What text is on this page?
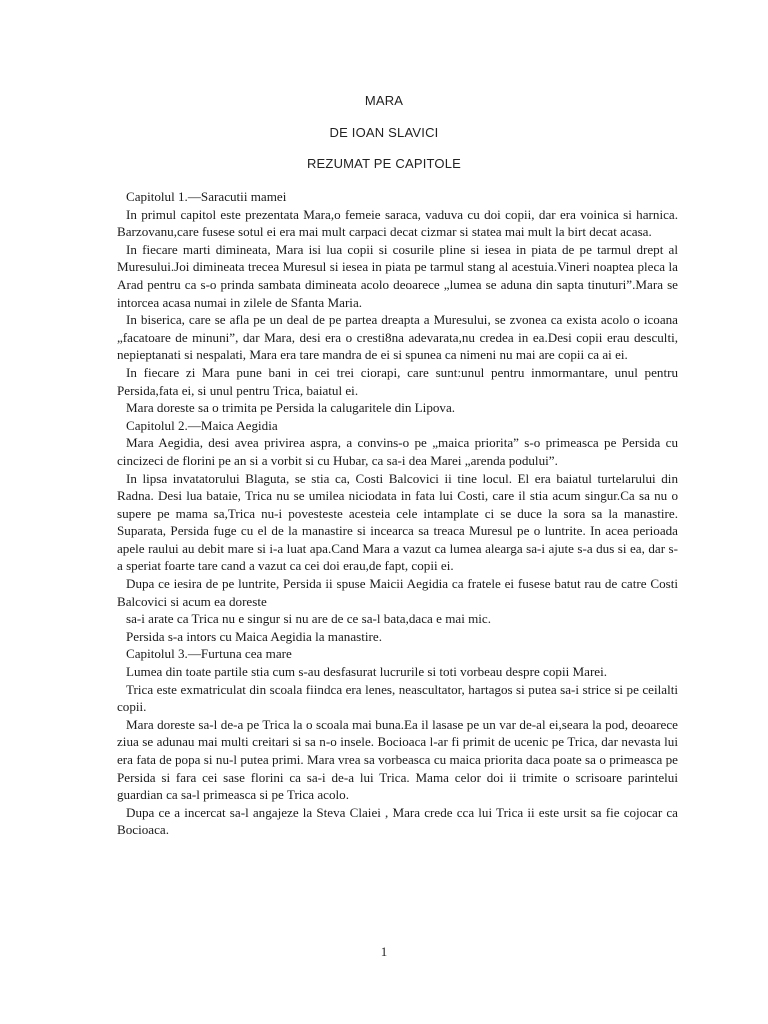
MARA
DE IOAN SLAVICI
REZUMAT PE CAPITOLE

Capitolul 1.—Saracutii mamei

In primul capitol este prezentata Mara,o femeie saraca, vaduva cu doi copii, dar era voinica si harnica. Barzovanu,care fusese sotul ei era mai mult carpaci decat cizmar si statea mai mult la birt decat acasa.

In fiecare marti dimineata, Mara isi lua copii si cosurile pline si iesea in piata de pe tarmul drept al Muresului.Joi dimineata trecea Muresul si iesea in piata pe tarmul stang al acestuia.Vineri noaptea pleca la Arad pentru ca s-o prinda sambata dimineata acolo deoarece „lumea se aduna din sapta tinuturi”.Mara se intorcea acasa numai in zilele de Sfanta Maria.

In biserica, care se afla pe un deal de pe partea dreapta a Muresului, se zvonea ca exista acolo o icoana „facatoare de minuni”, dar Mara, desi era o cresti8na adevarata,nu credea in ea.Desi copii erau desculti, nepieptanati si nespalati, Mara era tare mandra de ei si spunea ca nimeni nu mai are copii ca ai ei.

In fiecare zi Mara pune bani in cei trei ciorapi, care sunt:unul pentru inmormantare, unul pentru Persida,fata ei, si unul pentru Trica, baiatul ei.

Mara doreste sa o trimita pe Persida la calugaritele din Lipova.

Capitolul 2.—Maica Aegidia

Mara Aegidia, desi avea privirea aspra, a convins-o pe „maica priorita” s-o primeasca pe Persida cu cincizeci de florini pe an si a vorbit si cu Hubar, ca sa-i dea Marei „arenda podului”.

In lipsa invatatorului Blaguta, se stia ca, Costi Balcovici ii tine locul. El era baiatul turtelarului din Radna. Desi lua bataie, Trica nu se umilea niciodata in fata lui Costi, care il stia acum singur.Ca sa nu o supere pe mama sa,Trica nu-i povesteste acesteia cele intamplate ci se duce la sora sa la manastire. Suparata, Persida fuge cu el de la manastire si incearca sa treaca Muresul pe o luntrite. In acea perioada apele raului au debit mare si i-a luat apa.Cand Mara a vazut ca lumea alearga sa-i ajute s-a dus si ea, dar s-a speriat foarte tare cand a vazut ca cei doi erau,de fapt, copii ei.

Dupa ce iesira de pe luntrite, Persida ii spuse Maicii Aegidia ca fratele ei fusese batut rau de catre Costi Balcovici si acum ea doreste

sa-i arate ca Trica nu e singur si nu are de ce sa-l bata,daca e mai mic.

Persida s-a intors cu Maica Aegidia la manastire.

Capitolul 3.—Furtuna cea mare

Lumea din toate partile stia cum s-au desfasurat lucrurile si toti vorbeau despre copii Marei.

Trica este exmatriculat din scoala fiindca era lenes, neascultator, hartagos si putea sa-i strice si pe ceilalti copii.

Mara doreste sa-l de-a pe Trica la o scoala mai buna.Ea il lasase pe un var de-al ei,seara la pod, deoarece ziua se adunau mai multi creitari si sa n-o insele. Bocioaca l-ar fi primit de ucenic pe Trica, dar nevasta lui era fata de popa si nu-l putea primi. Mara vrea sa vorbeasca cu maica priorita daca poate sa o primeasca pe Persida si fara cei sase florini ca sa-i de-a lui Trica. Mama celor doi ii trimite o scrisoare parintelui guardian ca sa-l primeasca si pe Trica acolo.

Dupa ce a incercat sa-l angajeze la Steva Claiei , Mara crede cca lui Trica ii este ursit sa fie cojocar ca Bocioaca.

1
